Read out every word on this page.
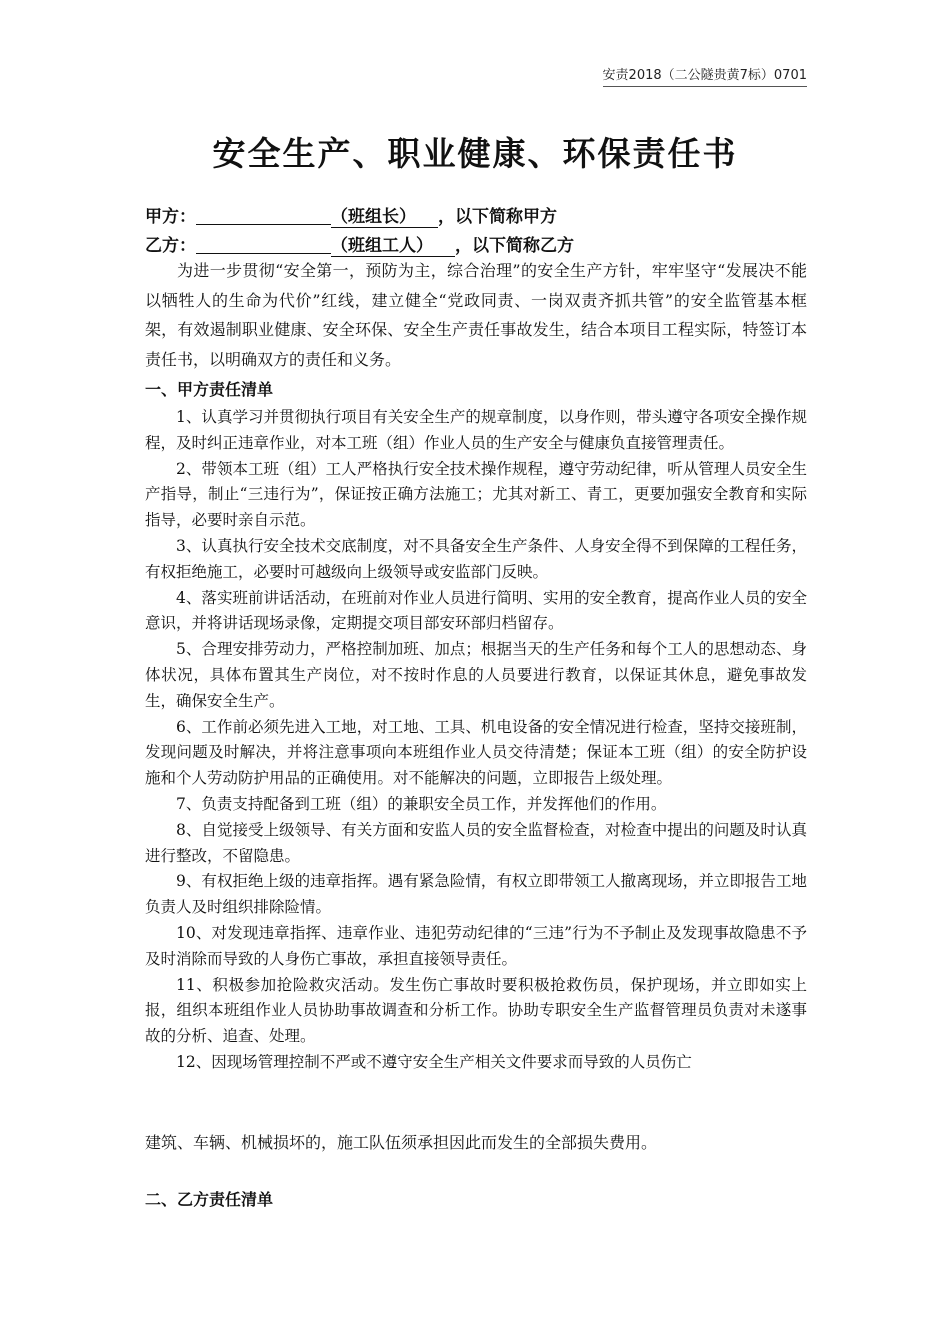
安责2018（二公隧贵黄7标）0701
安全生产、职业健康、环保责任书
甲方：	（班组长） ，以下简称甲方
乙方：	（班组工人） ，以下简称乙方

为进一步贯彻“安全第一，预防为主，综合治理”的安全生产方针，牢牢坚守“发展决不能以牺牲人的生命为代价”红线，建立健全“党政同责、一岗双责齐抓共管”的安全监管基本框架，有效遏制职业健康、安全环保、安全生产责任事故发生，结合本项目工程实际，特签订本责任书，以明确双方的责任和义务。

一、甲方责任清单

1、认真学习并贯彻执行项目有关安全生产的规章制度，以身作则，带头遵守各项安全操作规程，及时纠正违章作业，对本工班（组）作业人员的生产安全与健康负直接管理责任。

2、带领本工班（组）工人严格执行安全技术操作规程，遵守劳动纪律，听从管理人员安全生产指导，制止“三违行为”，保证按正确方法施工；尤其对新工、青工，更要加强安全教育和实际指导，必要时亲自示范。

3、认真执行安全技术交底制度，对不具备安全生产条件、人身安全得不到保障的工程任务，有权拒绝施工，必要时可越级向上级领导或安监部门反映。

4、落实班前讲话活动，在班前对作业人员进行简明、实用的安全教育，提高作业人员的安全意识，并将讲话现场录像，定期提交项目部安环部归档留存。

5、合理安排劳动力，严格控制加班、加点；根据当天的生产任务和每个工人的思想动态、身体状况，具体布置其生产岗位，对不按时作息的人员要进行教育，以保证其休息，避免事故发生，确保安全生产。

6、工作前必须先进入工地，对工地、工具、机电设备的安全情况进行检查，坚持交接班制，发现问题及时解决，并将注意事项向本班组作业人员交待清楚；保证本工班（组）的安全防护设施和个人劳动防护用品的正确使用。对不能解决的问题，立即报告上级处理。

7、负责支持配备到工班（组）的兼职安全员工作，并发挥他们的作用。

8、自觉接受上级领导、有关方面和安监人员的安全监督检查，对检查中提出的问题及时认真进行整改，不留隐患。

9、有权拒绝上级的违章指挥。遇有紧急险情，有权立即带领工人撤离现场，并立即报告工地负责人及时组织排除险情。

10、对发现违章指挥、违章作业、违犯劳动纪律的“三违”行为不予制止及发现事故隐患不予及时消除而导致的人身伤亡事故，承担直接领导责任。

11、积极参加抢险救灾活动。发生伤亡事故时要积极抢救伤员，保护现场，并立即如实上报，组织本班组作业人员协助事故调查和分析工作。协助专职安全生产监督管理员负责对未遂事故的分析、追查、处理。

12、因现场管理控制不严或不遵守安全生产相关文件要求而导致的人员伤亡

建筑、车辆、机械损坏的，施工队伍须承担因此而发生的全部损失费用。
二、乙方责任清单
